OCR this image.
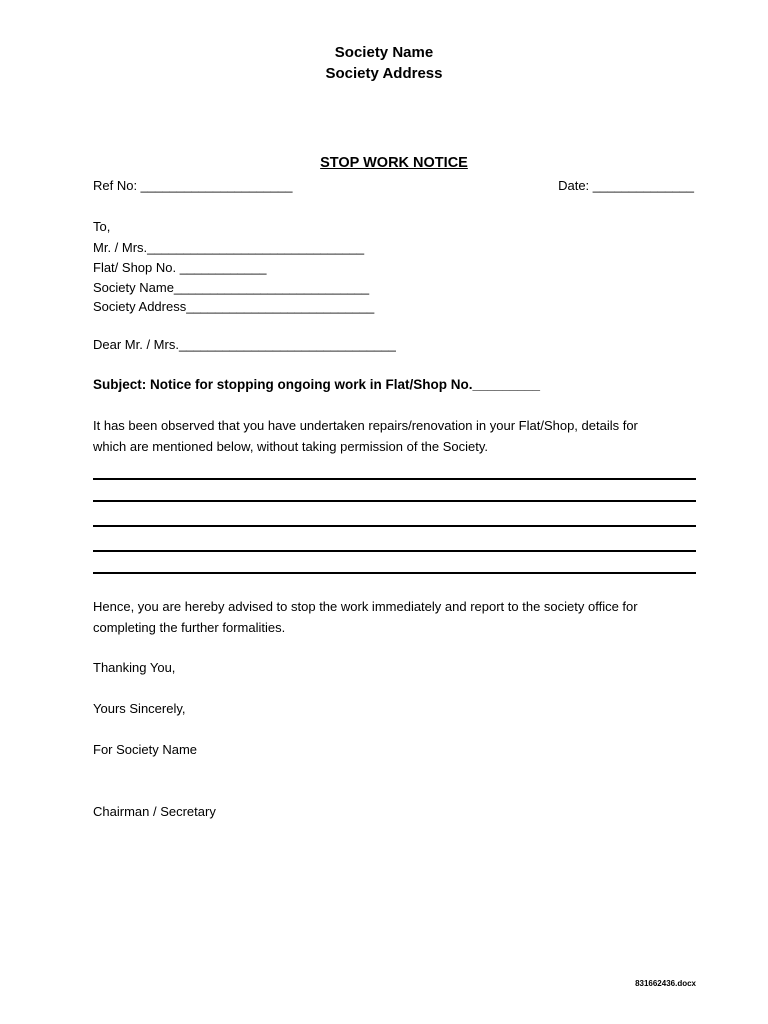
Society Name
Society Address
STOP WORK NOTICE
Ref No: _____________________	Date: ______________
To,
Mr. / Mrs.______________________________
Flat/ Shop No. ____________
Society Name___________________________
Society Address__________________________
Dear Mr. / Mrs.______________________________
Subject: Notice for stopping ongoing work in Flat/Shop No._________
It has been observed that you have undertaken repairs/renovation in your Flat/Shop, details for
which are mentioned below, without taking permission of the Society.
Hence, you are hereby advised to stop the work immediately and report to the society office for
completing the further formalities.
Thanking You,
Yours Sincerely,
For Society Name
Chairman / Secretary
831662436.docx
